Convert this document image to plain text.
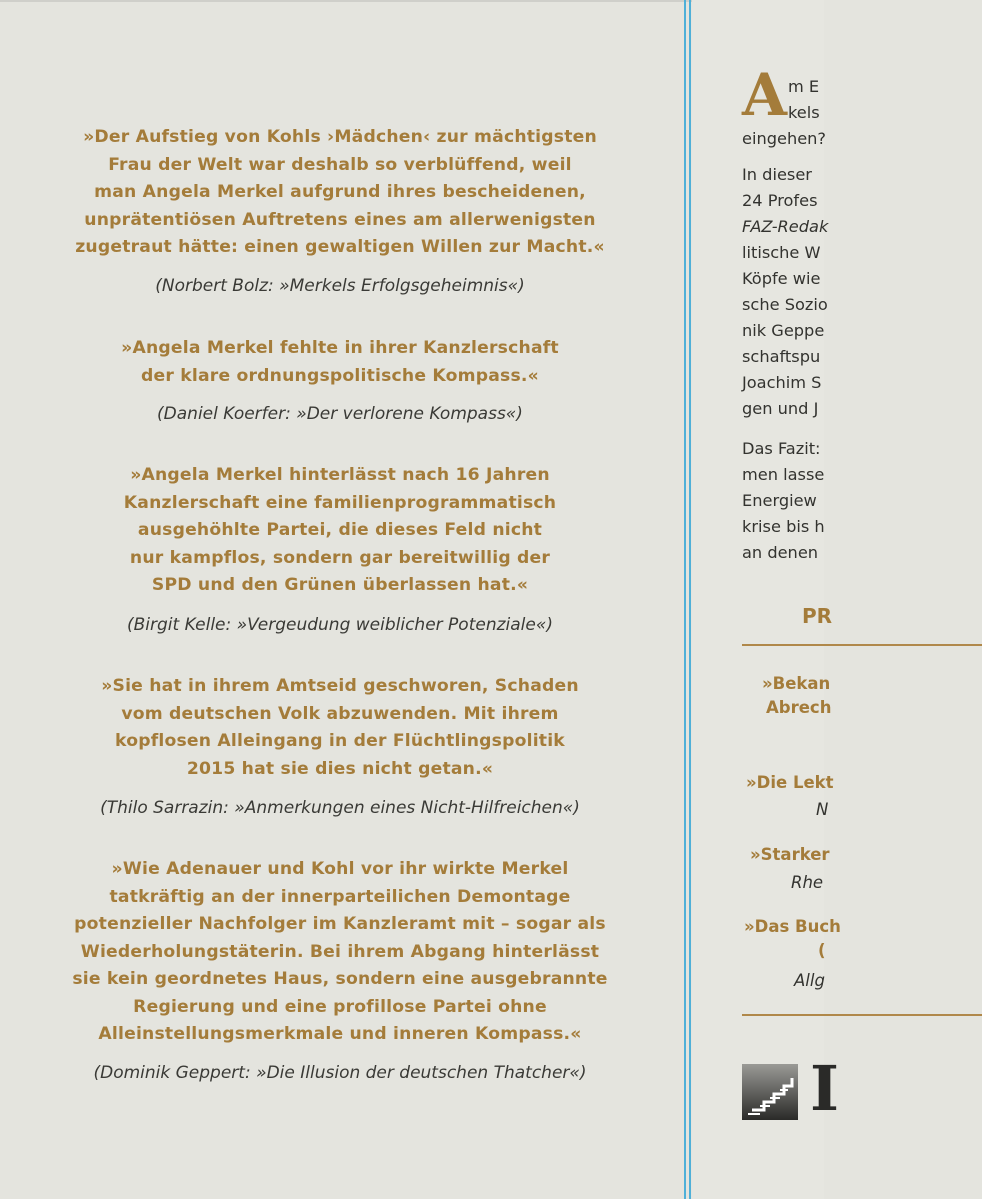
»Der Aufstieg von Kohls ›Mädchen‹ zur mächtigsten
Frau der Welt war deshalb so verblüffend, weil
man Angela Merkel aufgrund ihres bescheidenen,
unprätentiösen Auftretens eines am allerwenigsten
zugetraut hätte: einen gewaltigen Willen zur Macht.«
(Norbert Bolz: »Merkels Erfolgsgeheimnis«)
»Angela Merkel fehlte in ihrer Kanzlerschaft
der klare ordnungspolitische Kompass.«
(Daniel Koerfer: »Der verlorene Kompass«)
»Angela Merkel hinterlässt nach 16 Jahren
Kanzlerschaft eine familienprogrammatisch
ausgehöhlte Partei, die dieses Feld nicht
nur kampflos, sondern gar bereitwillig der
SPD und den Grünen überlassen hat.«
(Birgit Kelle: »Vergeudung weiblicher Potenziale«)
»Sie hat in ihrem Amtseid geschworen, Schaden
vom deutschen Volk abzuwenden. Mit ihrem
kopflosen Alleingang in der Flüchtlingspolitik
2015 hat sie dies nicht getan.«
(Thilo Sarrazin: »Anmerkungen eines Nicht-Hilfreichen«)
»Wie Adenauer und Kohl vor ihr wirkte Merkel
tatkräftig an der innerparteilichen Demontage
potenzieller Nachfolger im Kanzleramt mit – sogar als
Wiederholungstäterin. Bei ihrem Abgang hinterlässt
sie kein geordnetes Haus, sondern eine ausgebrannte
Regierung und eine profillose Partei ohne
Alleinstellungsmerkmale und inneren Kompass.«
(Dominik Geppert: »Die Illusion der deutschen Thatcher«)
A m E
kels
eingehen?
In dieser
24 Profes
FAZ-Redak
litische W
Köpfe wie
sche Sozio
nik Geppe
schaftspu
Joachim S
gen und J
Das Fazit:
men lasse
Energiew
krise bis h
an denen
PR
»Bekan
Abrech
»Die Lekt
N
»Starker
Rhe
»Das Buch
(
Allg
I
